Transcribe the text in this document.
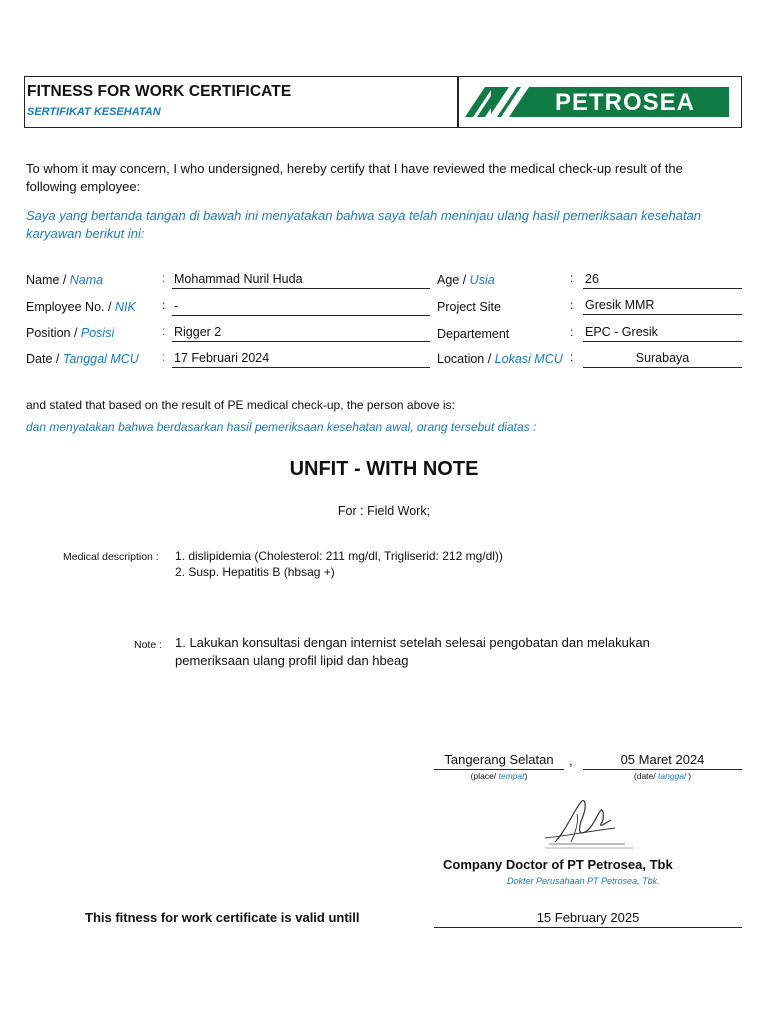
FITNESS FOR WORK CERTIFICATE
SERTIFIKAT KESEHATAN	PETROSEA
To whom it may concern, I who undersigned, hereby certify that I have reviewed the medical check-up result of the
following employee:
Saya yang bertanda tangan di bawah ini menyatakan bahwa saya telah meninjau ulang hasil pemeriksaan kesehatan
karyawan berikut ini:
Name / Nama	: Mohammad Nuril Huda
Employee No. / NIK : -
Position / Posisi	: Rigger 2
Date / Tanggal MCU : 17 Februari 2024
Age / Usia	: 26
Project Site	: Gresik MMR
Departement	: EPC - Gresik
Location / Lokasi MCU :	Surabaya
and stated that based on the result of PE medical check-up, the person above is:
dan menyatakan bahwa berdasarkan hasil pemeriksaan kesehatan awal, orang tersebut diatas :
UNFIT - WITH NOTE
For : Field Work;
Medical description : 1. dislipidemia (Cholesterol: 211 mg/dl, Trigliserid: 212 mg/dl))
2. Susp. Hepatitis B (hbsag +)
Note : 1. Lakukan konsultasi dengan internist setelah selesai pengobatan dan melakukan
pemeriksaan ulang profil lipid dan hbeag
Tangerang Selatan	,	05 Maret 2024
(place/ tempat)	(date/ tanggal )
Company Doctor of PT Petrosea, Tbk
Dokter Perusahaan PT Petrosea, Tbk.
This fitness for work certificate is valid untill	15 February 2025
